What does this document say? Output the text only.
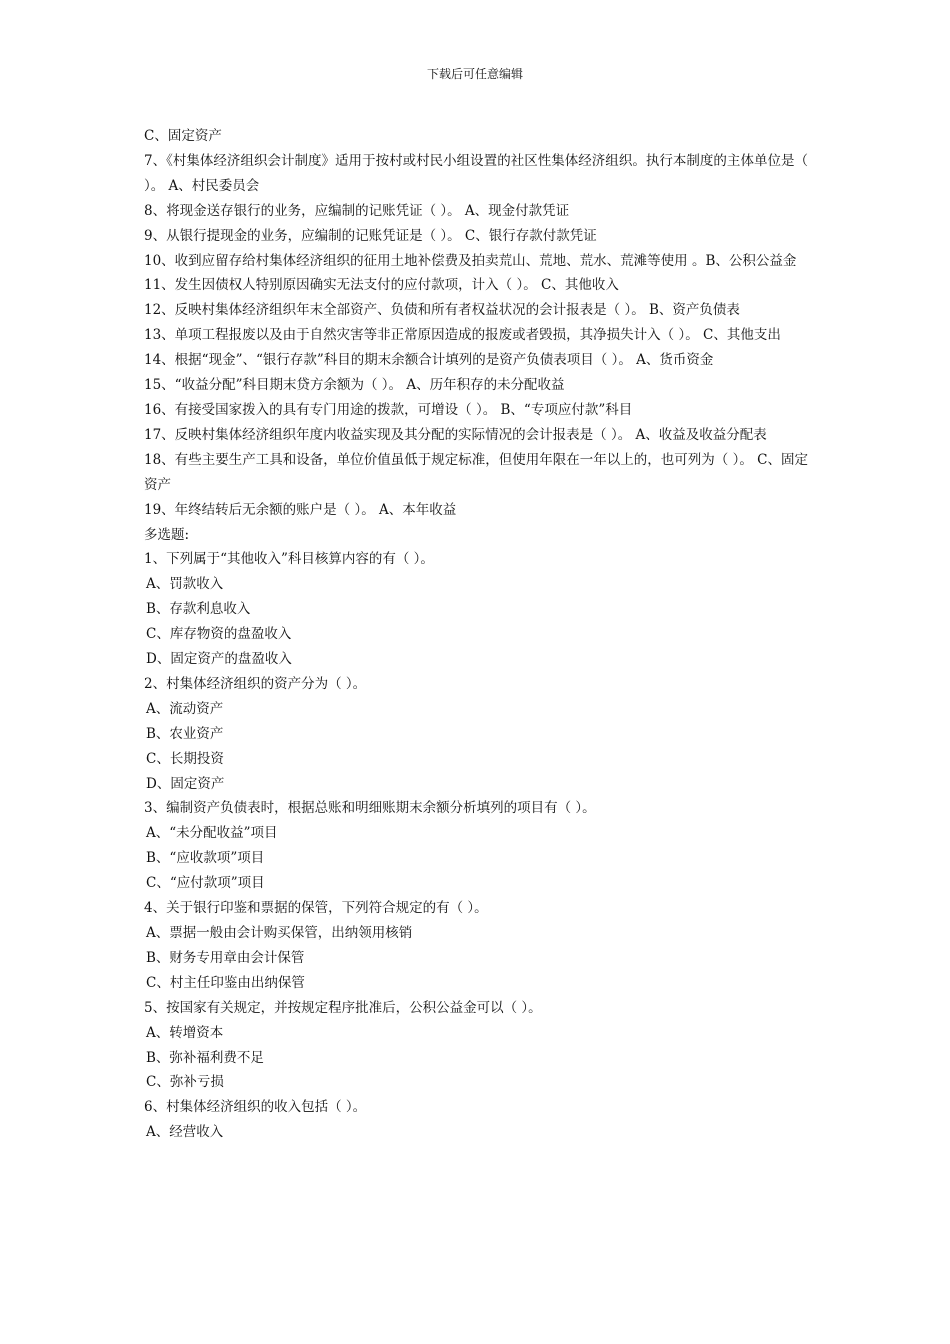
下载后可任意编辑

C、固定资产

7、《村集体经济组织会计制度》适用于按村或村民小组设置的社区性集体经济组织。执行本制度的主体单位是（ ）。 A、村民委员会

8、将现金送存银行的业务，应编制的记账凭证（ ）。 A、现金付款凭证

9、从银行提现金的业务，应编制的记账凭证是（ ）。 C、银行存款付款凭证

10、收到应留存给村集体经济组织的征用土地补偿费及拍卖荒山、荒地、荒水、荒滩等使用 。B、公积公益金

11、发生因债权人特别原因确实无法支付的应付款项，计入（ ）。 C、其他收入

12、反映村集体经济组织年末全部资产、负债和所有者权益状况的会计报表是（ ）。 B、资产负债表

13、单项工程报废以及由于自然灾害等非正常原因造成的报废或者毁损，其净损失计入（ ）。 C、其他支出

14、根据“现金”、“银行存款”科目的期末余额合计填列的是资产负债表项目（ ）。 A、货币资金

15、“收益分配”科目期末贷方余额为（ ）。 A、历年积存的未分配收益

16、有接受国家拨入的具有专门用途的拨款，可增设（ ）。 B、“专项应付款”科目

17、反映村集体经济组织年度内收益实现及其分配的实际情况的会计报表是（ ）。 A、收益及收益分配表

18、有些主要生产工具和设备，单位价值虽低于规定标准，但使用年限在一年以上的，也可列为（ ）。 C、固定资产

19、年终结转后无余额的账户是（ ）。 A、本年收益

多选题:

1、下列属于“其他收入”科目核算内容的有（ ）。

A、罚款收入

B、存款利息收入

C、库存物资的盘盈收入

D、固定资产的盘盈收入

2、村集体经济组织的资产分为（ ）。

A、流动资产

B、农业资产

C、长期投资

D、固定资产

3、编制资产负债表时，根据总账和明细账期末余额分析填列的项目有（ ）。

A、“未分配收益”项目

B、“应收款项”项目

C、“应付款项”项目

4、关于银行印鉴和票据的保管，下列符合规定的有（ ）。

A、票据一般由会计购买保管，出纳领用核销

B、财务专用章由会计保管

C、村主任印鉴由出纳保管

5、按国家有关规定，并按规定程序批准后，公积公益金可以（ ）。

A、转增资本

B、弥补福利费不足

C、弥补亏损

6、村集体经济组织的收入包括（ ）。

A、经营收入
